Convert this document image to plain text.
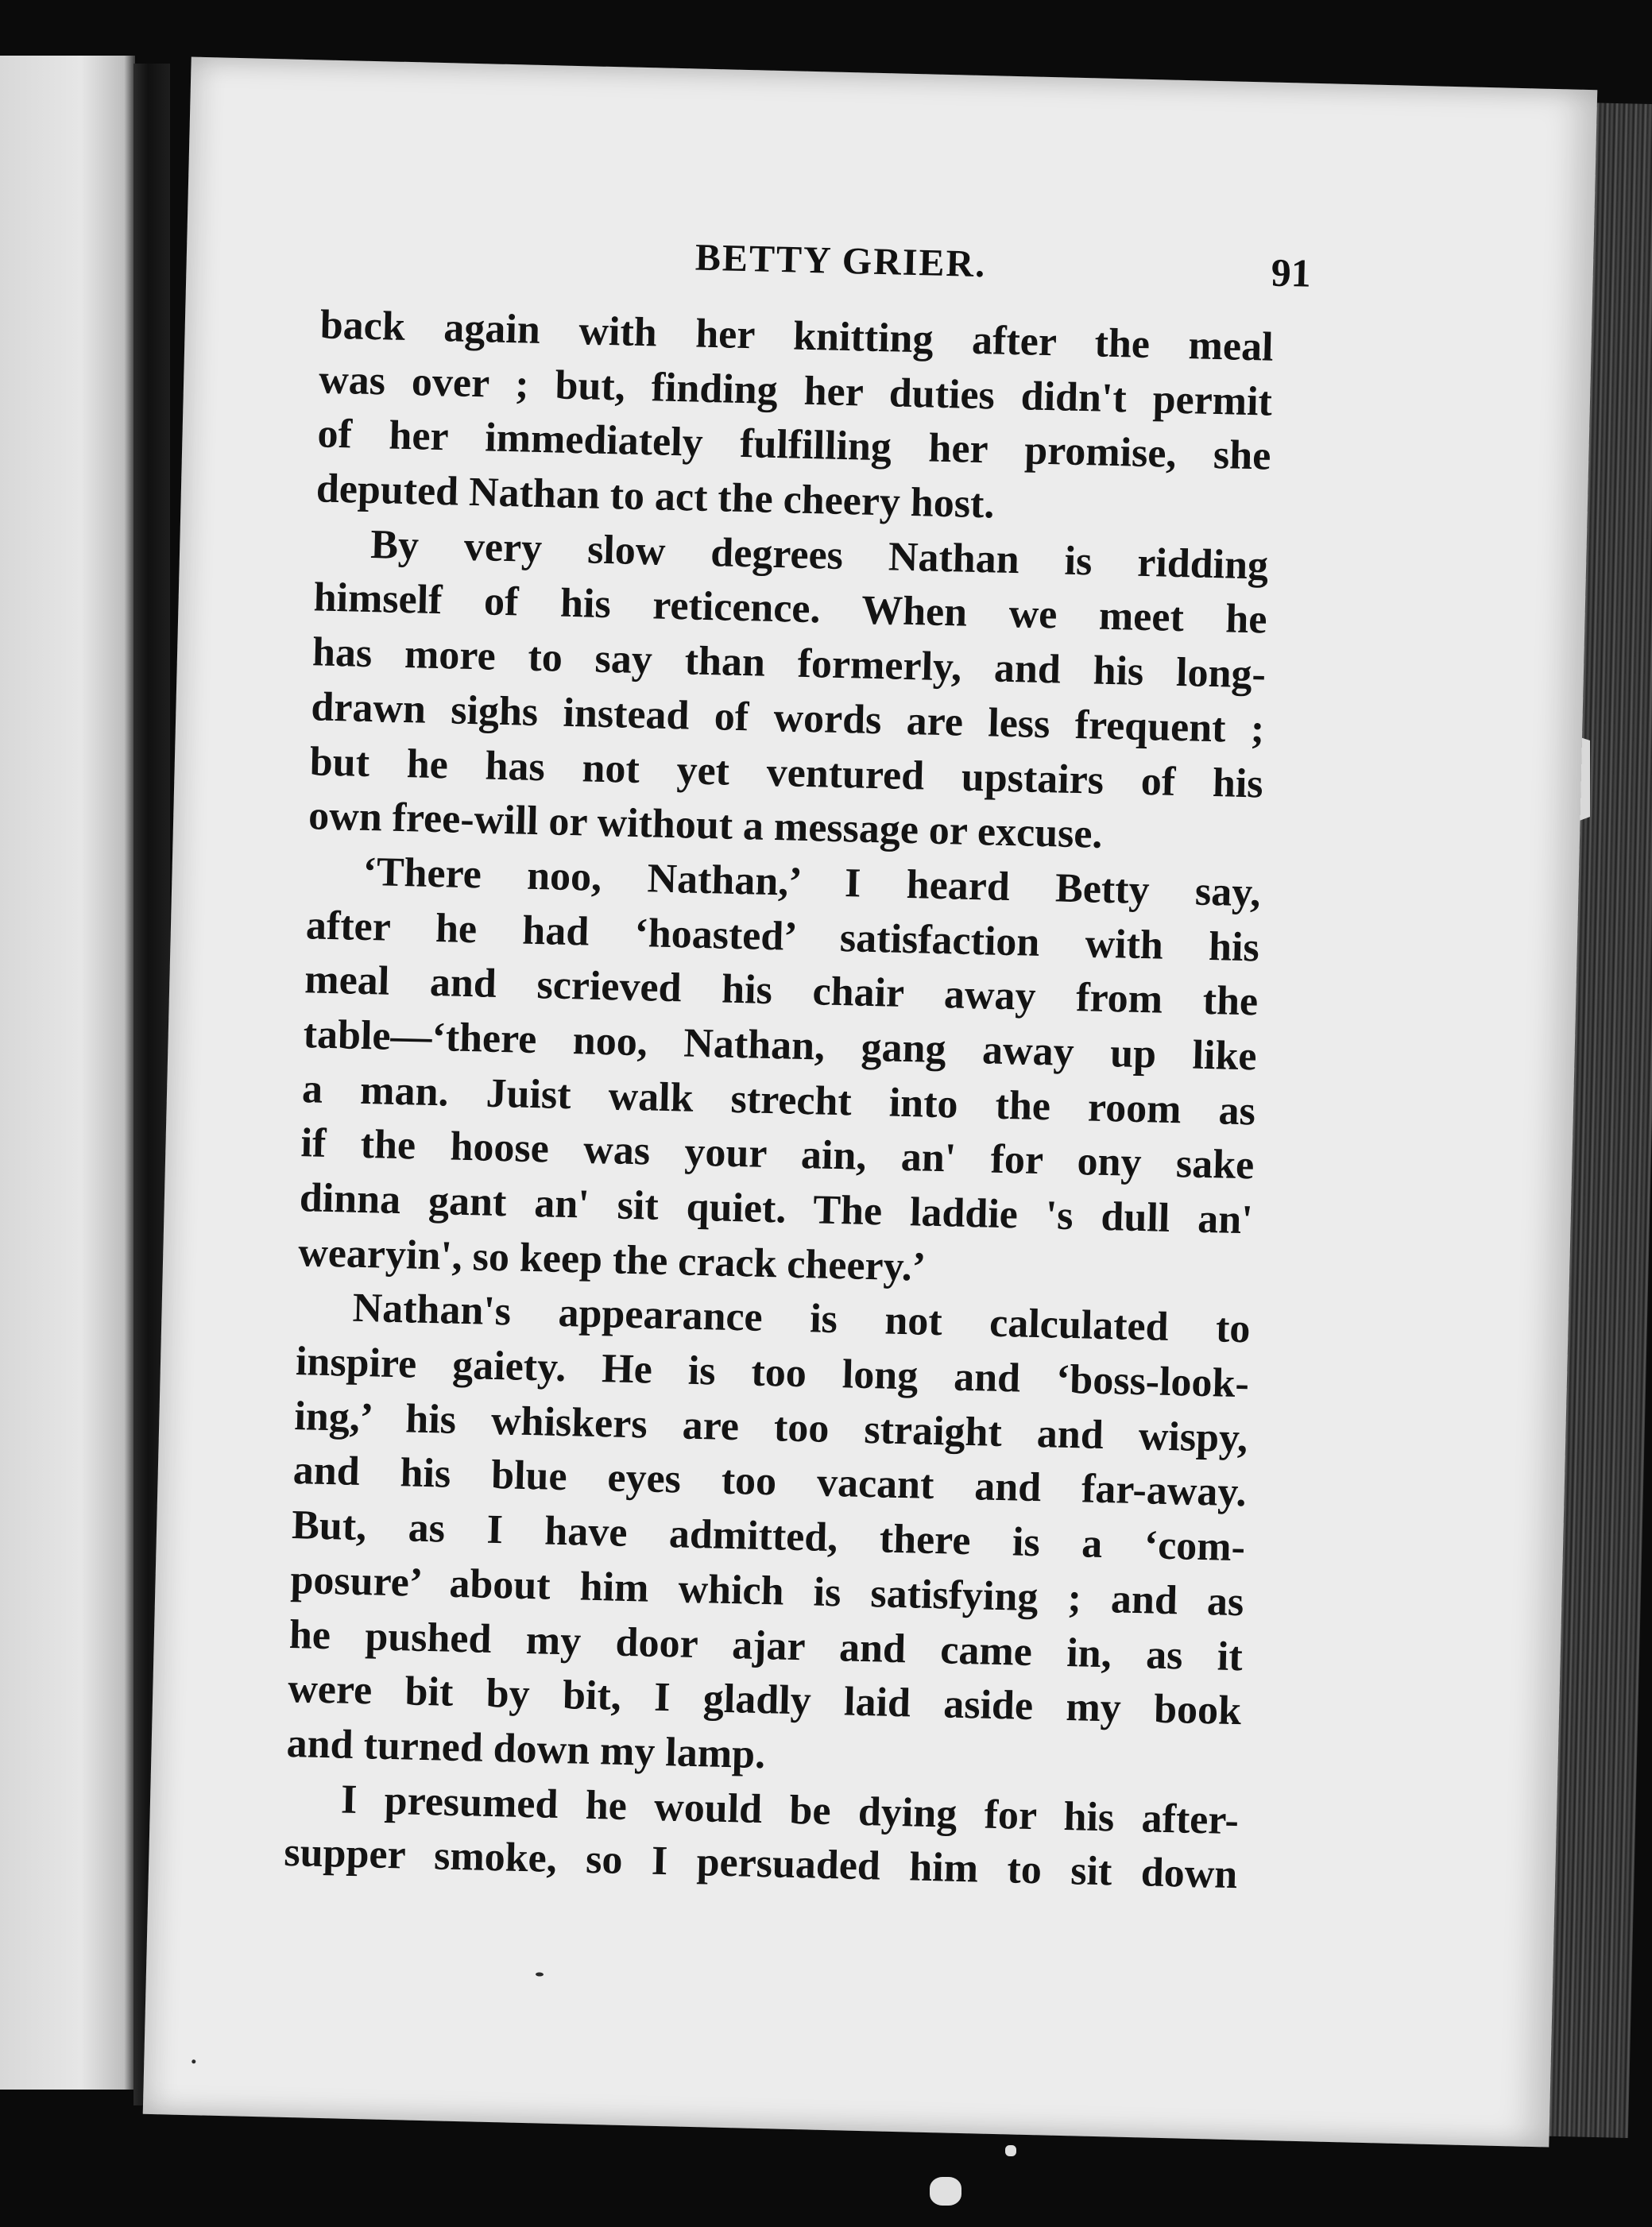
BETTY GRIER.	91
back again with her knitting after the meal
was over ; but, finding her duties didn't permit
of her immediately fulfilling her promise, she
deputed Nathan to act the cheery host.
By very slow degrees Nathan is ridding
himself of his reticence. When we meet he
has more to say than formerly, and his long-
drawn sighs instead of words are less frequent ;
but he has not yet ventured upstairs of his
own free-will or without a message or excuse.
‘There noo, Nathan,’ I heard Betty say,
after he had ‘hoasted’ satisfaction with his
meal and scrieved his chair away from the
table—‘there noo, Nathan, gang away up like
a man. Juist walk strecht into the room as
if the hoose was your ain, an' for ony sake
dinna gant an' sit quiet. The laddie 's dull an'
wearyin', so keep the crack cheery.’
Nathan's appearance is not calculated to
inspire gaiety. He is too long and ‘boss-look-
ing,’ his whiskers are too straight and wispy,
and his blue eyes too vacant and far-away.
But, as I have admitted, there is a ‘com-
posure’ about him which is satisfying ; and as
he pushed my door ajar and came in, as it
were bit by bit, I gladly laid aside my book
and turned down my lamp.
I presumed he would be dying for his after-
supper smoke, so I persuaded him to sit down
